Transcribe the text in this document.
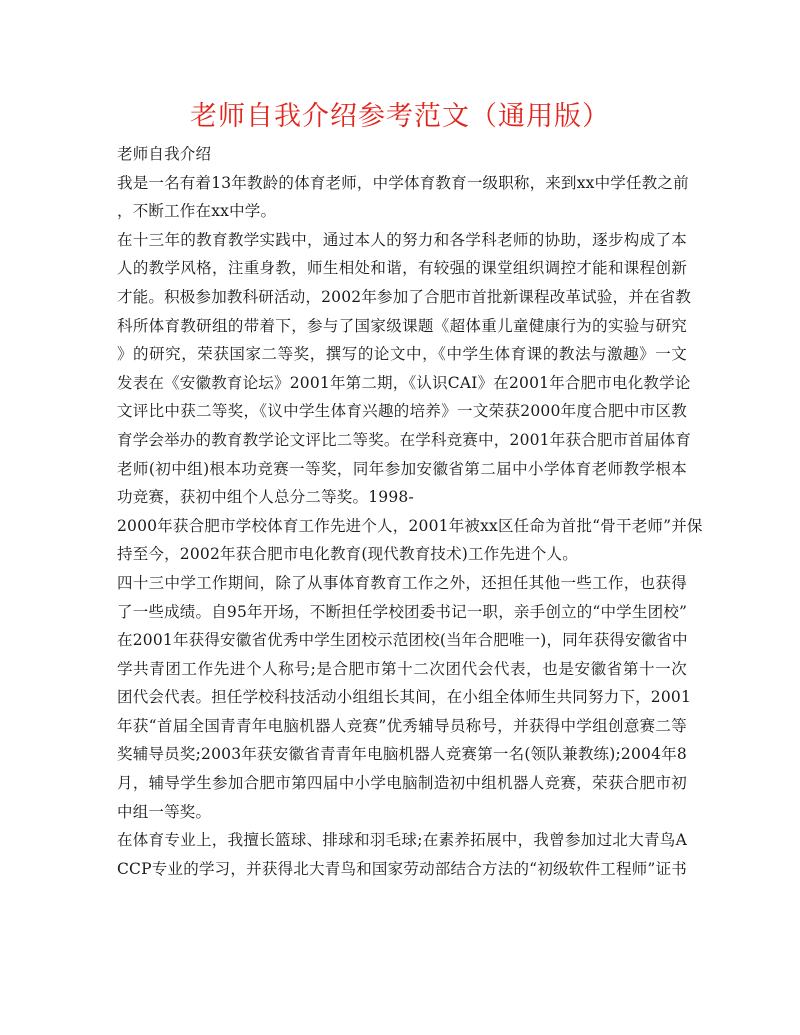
老师自我介绍参考范文（通用版）
老师自我介绍
我是一名有着13年教龄的体育老师，中学体育教育一级职称，来到xx中学任教之前
，不断工作在xx中学。
在十三年的教育教学实践中，通过本人的努力和各学科老师的协助，逐步构成了本
人的教学风格，注重身教，师生相处和谐，有较强的课堂组织调控才能和课程创新
才能。积极参加教科研活动，2002年参加了合肥市首批新课程改革试验，并在省教
科所体育教研组的带着下，参与了国家级课题《超体重儿童健康行为的实验与研究
》的研究，荣获国家二等奖，撰写的论文中，《中学生体育课的教法与激趣》一文
发表在《安徽教育论坛》2001年第二期，《认识CAI》在2001年合肥市电化教学论
文评比中获二等奖，《议中学生体育兴趣的培养》一文荣获2000年度合肥中市区教
育学会举办的教育教学论文评比二等奖。在学科竞赛中，2001年获合肥市首届体育
老师(初中组)根本功竞赛一等奖，同年参加安徽省第二届中小学体育老师教学根本
功竞赛，获初中组个人总分二等奖。1998-
2000年获合肥市学校体育工作先进个人，2001年被xx区任命为首批“骨干老师”并保
持至今，2002年获合肥市电化教育(现代教育技术)工作先进个人。
四十三中学工作期间，除了从事体育教育工作之外，还担任其他一些工作，也获得
了一些成绩。自95年开场，不断担任学校团委书记一职，亲手创立的“中学生团校”
在2001年获得安徽省优秀中学生团校示范团校(当年合肥唯一)，同年获得安徽省中
学共青团工作先进个人称号;是合肥市第十二次团代会代表，也是安徽省第十一次
团代会代表。担任学校科技活动小组组长其间，在小组全体师生共同努力下，2001
年获“首届全国青青年电脑机器人竞赛”优秀辅导员称号，并获得中学组创意赛二等
奖辅导员奖;2003年获安徽省青青年电脑机器人竞赛第一名(领队兼教练);2004年8
月，辅导学生参加合肥市第四届中小学电脑制造初中组机器人竞赛，荣获合肥市初
中组一等奖。
在体育专业上，我擅长篮球、排球和羽毛球;在素养拓展中，我曾参加过北大青鸟A
CCP专业的学习，并获得北大青鸟和国家劳动部结合方法的“初级软件工程师”证书
